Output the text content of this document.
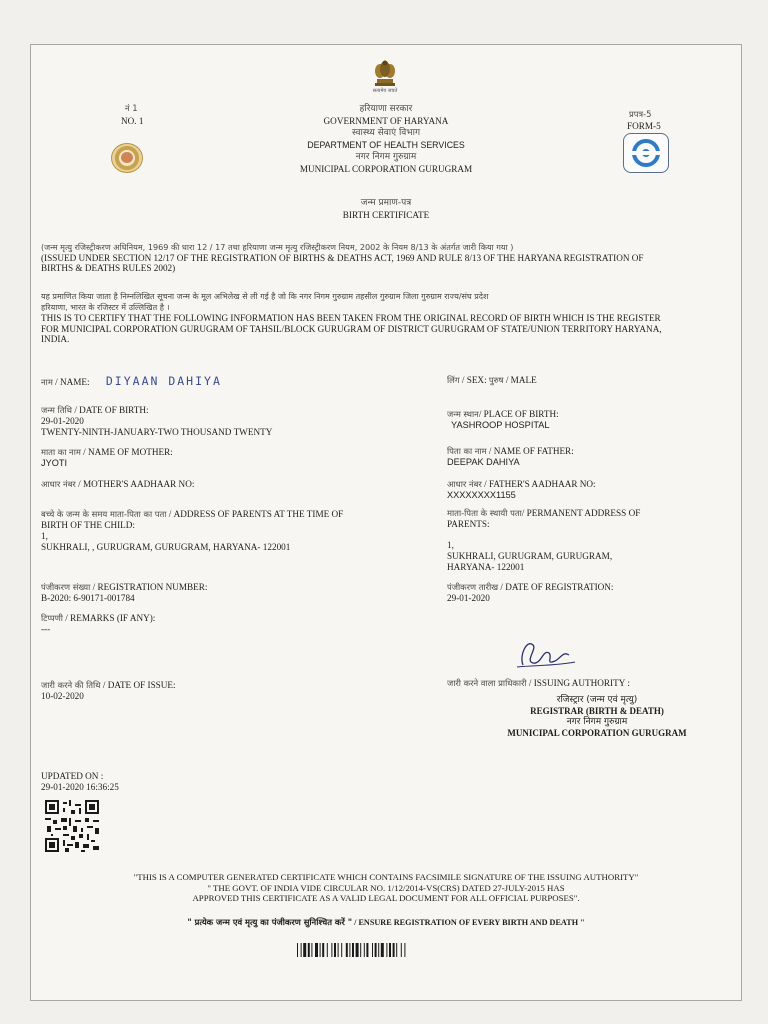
सत्यमेव जयते
नं 1
NO. 1
प्रपत्र-5
FORM-5
हरियाणा सरकार
GOVERNMENT OF HARYANA
स्वास्थ्य सेवाएं विभाग
DEPARTMENT OF HEALTH SERVICES
नगर निगम गुरुग्राम
MUNICIPAL CORPORATION GURUGRAM
जन्म प्रमाण-पत्र
BIRTH CERTIFICATE
(जन्म मृत्यु रजिस्ट्रीकरण अधिनियम, 1969 की धारा 12 / 17 तथा हरियाणा जन्म मृत्यु रजिस्ट्रीकरण नियम, 2002 के नियम 8/13 के अंतर्गत जारी किया गया )
(ISSUED UNDER SECTION 12/17 OF THE REGISTRATION OF BIRTHS & DEATHS ACT, 1969 AND RULE 8/13 OF THE HARYANA REGISTRATION OF
BIRTHS & DEATHS RULES 2002)
यह प्रमाणित किया जाता है निम्नलिखित सूचना जन्म के मूल अभिलेख से ली गई है जो कि नगर निगम गुरुग्राम तहसील गुरुग्राम जिला गुरुग्राम राज्य/संघ प्रदेश
हरियाणा, भारत के रजिस्टर में उल्लिखित है ।
THIS IS TO CERTIFY THAT THE FOLLOWING INFORMATION HAS BEEN TAKEN FROM THE ORIGINAL RECORD OF BIRTH WHICH IS THE REGISTER
FOR MUNICIPAL CORPORATION GURUGRAM OF TAHSIL/BLOCK GURUGRAM OF DISTRICT GURUGRAM OF STATE/UNION TERRITORY HARYANA,
INDIA.
नाम / NAME: DIYAAN DAHIYA	लिंग / SEX: पुरुष / MALE
जन्म तिथि / DATE OF BIRTH:
29-01-2020
TWENTY-NINTH-JANUARY-TWO THOUSAND TWENTY
जन्म स्थान/ PLACE OF BIRTH:
YASHROOP HOSPITAL
माता का नाम / NAME OF MOTHER:
JYOTI
पिता का नाम / NAME OF FATHER:
DEEPAK DAHIYA
आधार नंबर / MOTHER'S AADHAAR NO:	आधार नंबर / FATHER'S AADHAAR NO:
XXXXXXXX1155
बच्चे के जन्म के समय माता-पिता का पता / ADDRESS OF PARENTS AT THE TIME OF
BIRTH OF THE CHILD:
1,
SUKHRALI, , GURUGRAM, GURUGRAM, HARYANA- 122001
माता-पिता के स्थायी पता/ PERMANENT ADDRESS OF
PARENTS:
1,
SUKHRALI, GURUGRAM, GURUGRAM,
HARYANA- 122001
पंजीकरण संख्या / REGISTRATION NUMBER:
B-2020: 6-90171-001784
पंजीकरण तारीख / DATE OF REGISTRATION:
29-01-2020
टिप्पणी / REMARKS (IF ANY):
---
जारी करने की तिथि / DATE OF ISSUE:
10-02-2020
जारी करने वाला प्राधिकारी / ISSUING AUTHORITY :
रजिस्ट्रार (जन्म एवं मृत्यु)
REGISTRAR (BIRTH & DEATH)
नगर निगम गुरुग्राम
MUNICIPAL CORPORATION GURUGRAM
UPDATED ON :
29-01-2020 16:36:25
"THIS IS A COMPUTER GENERATED CERTIFICATE WHICH CONTAINS FACSIMILE SIGNATURE OF THE ISSUING AUTHORITY"
" THE GOVT. OF INDIA VIDE CIRCULAR NO. 1/12/2014-VS(CRS) DATED 27-JULY-2015 HAS
APPROVED THIS CERTIFICATE AS A VALID LEGAL DOCUMENT FOR ALL OFFICIAL PURPOSES".
" प्रत्येक जन्म एवं मृत्यु का पंजीकरण सुनिश्चित करें " / ENSURE REGISTRATION OF EVERY BIRTH AND DEATH "
